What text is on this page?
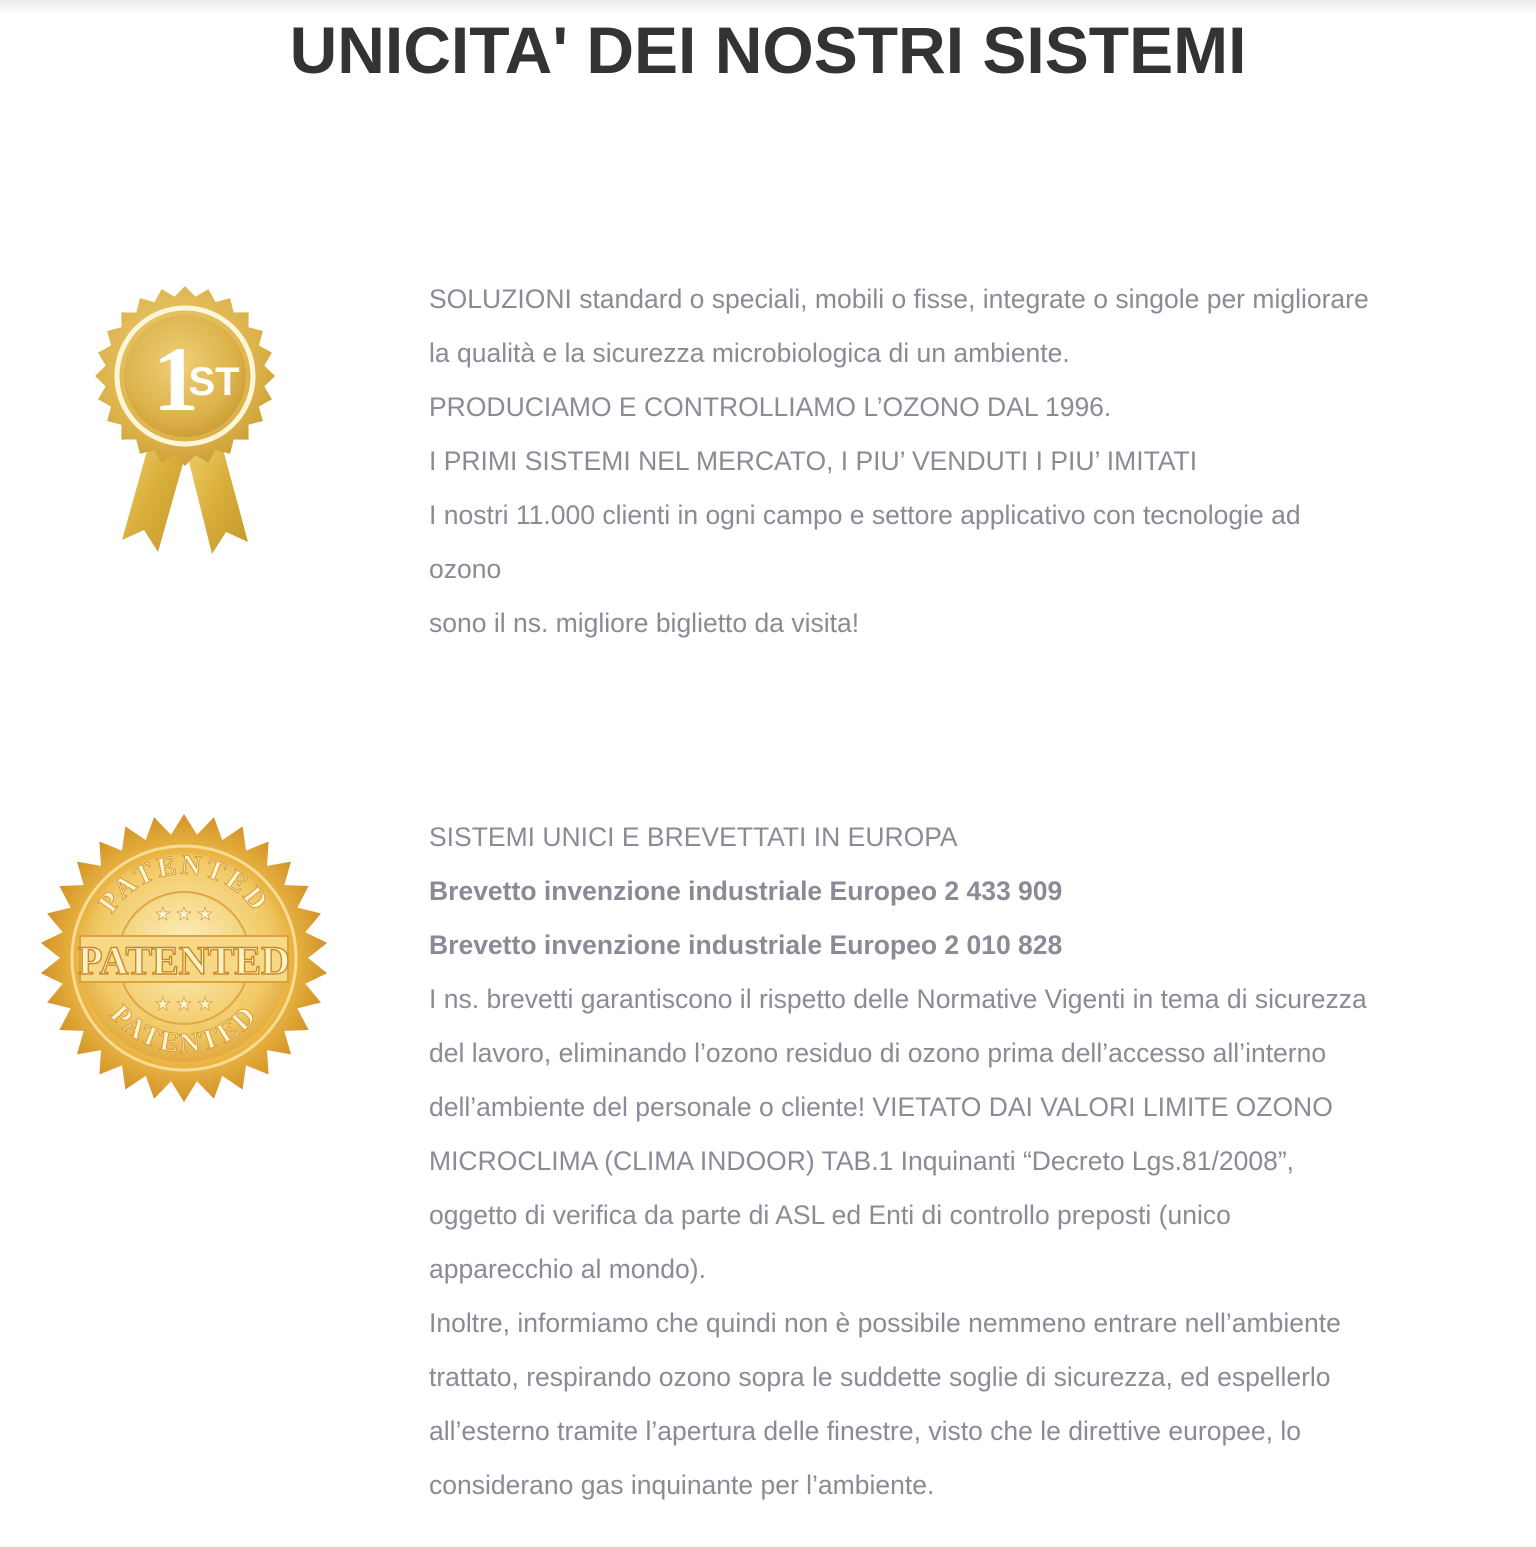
UNICITA' DEI NOSTRI SISTEMI
1
ST
PATENTED
PATENTED
★ ★ ★
PATENTED
★ ★ ★

SOLUZIONI standard o speciali, mobili o fisse, integrate o singole per migliorare

la qualità e la sicurezza microbiologica di un ambiente.

PRODUCIAMO E CONTROLLIAMO L’OZONO DAL 1996.

I PRIMI SISTEMI NEL MERCATO, I PIU’ VENDUTI I PIU’ IMITATI

I nostri 11.000 clienti in ogni campo e settore applicativo con tecnologie ad

ozono

sono il ns. migliore biglietto da visita!

SISTEMI UNICI E BREVETTATI IN EUROPA

Brevetto invenzione industriale Europeo 2 433 909

Brevetto invenzione industriale Europeo 2 010 828

I ns. brevetti garantiscono il rispetto delle Normative Vigenti in tema di sicurezza

del lavoro, eliminando l’ozono residuo di ozono prima dell’accesso all’interno

dell’ambiente del personale o cliente! VIETATO DAI VALORI LIMITE OZONO

MICROCLIMA (CLIMA INDOOR) TAB.1 Inquinanti “Decreto Lgs.81/2008”,

oggetto di verifica da parte di ASL ed Enti di controllo preposti (unico

apparecchio al mondo).

Inoltre, informiamo che quindi non è possibile nemmeno entrare nell’ambiente

trattato, respirando ozono sopra le suddette soglie di sicurezza, ed espellerlo

all’esterno tramite l’apertura delle finestre, visto che le direttive europee, lo

considerano gas inquinante per l’ambiente.
